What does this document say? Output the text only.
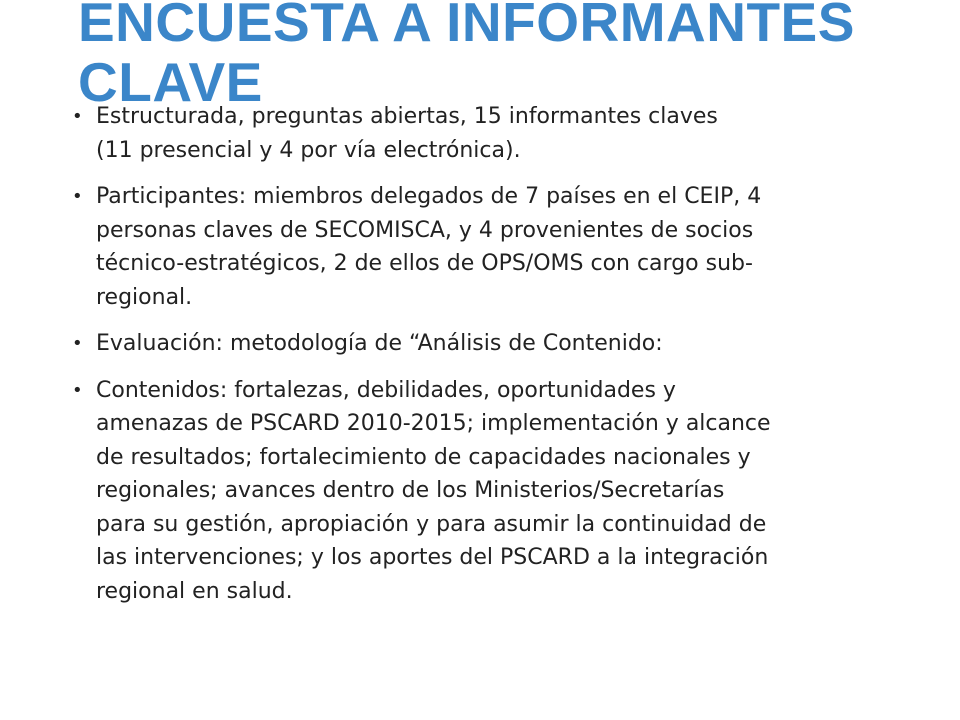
ENCUESTA A INFORMANTES
CLAVE
• Estructurada, preguntas abiertas, 15 informantes claves
(11 presencial y 4 por vía electrónica).
• Participantes: miembros delegados de 7 países en el CEIP, 4
personas claves de SECOMISCA, y 4 provenientes de socios
técnico-estratégicos, 2 de ellos de OPS/OMS con cargo sub-
regional.
• Evaluación: metodología de “Análisis de Contenido:
• Contenidos: fortalezas, debilidades, oportunidades y
amenazas de PSCARD 2010-2015; implementación y alcance
de resultados; fortalecimiento de capacidades nacionales y
regionales; avances dentro de los Ministerios/Secretarías
para su gestión, apropiación y para asumir la continuidad de
las intervenciones; y los aportes del PSCARD a la integración
regional en salud.
